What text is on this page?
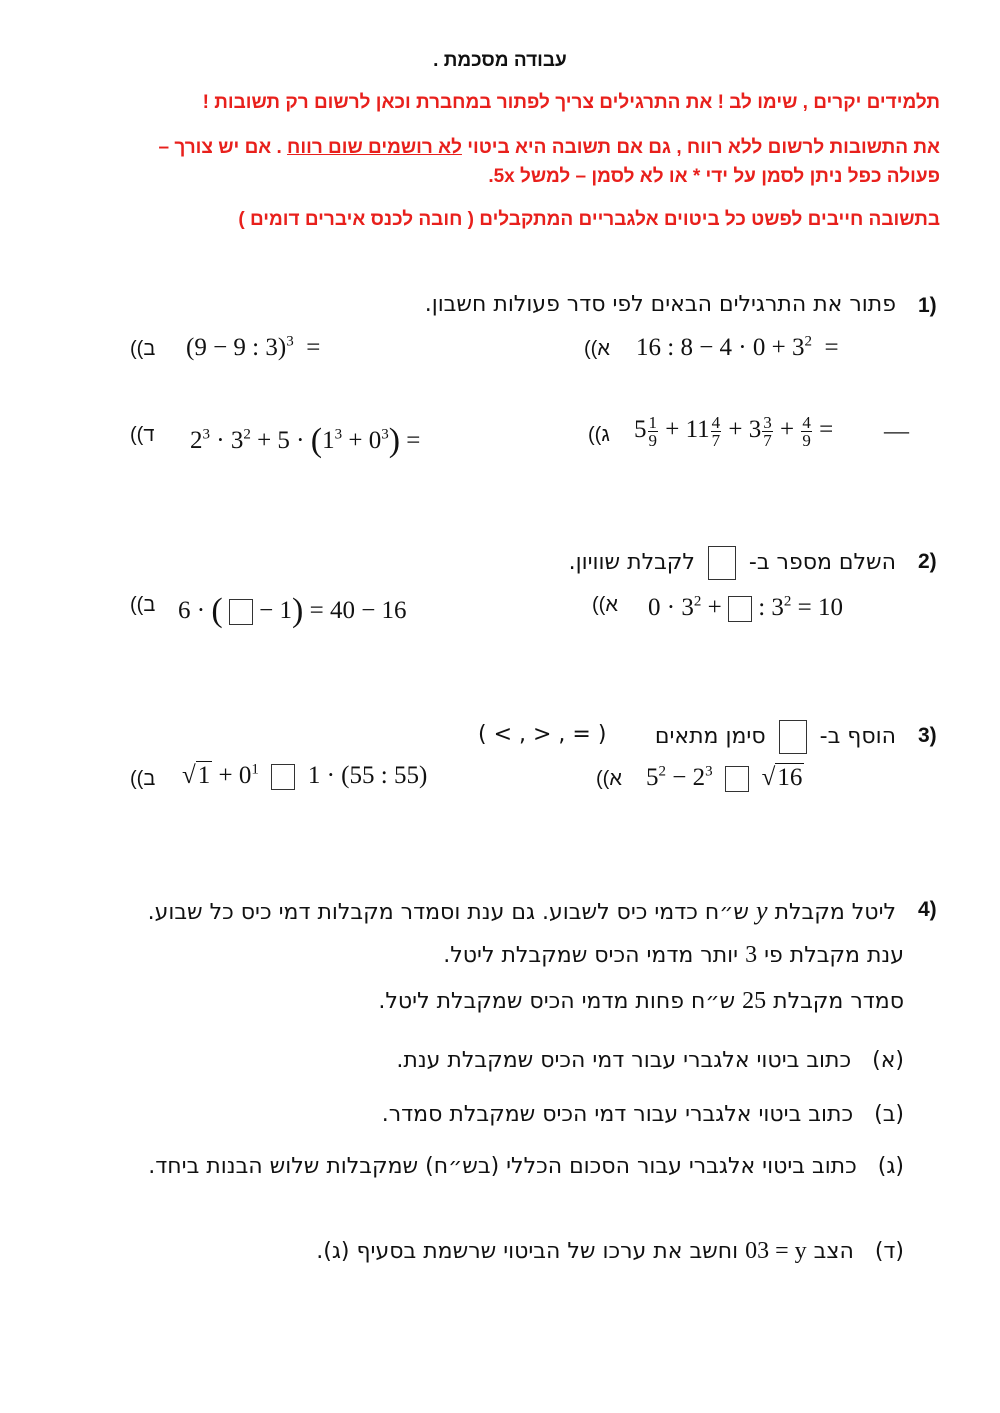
עבודה מסכמת .
תלמידים יקרים , שימו לב ! את התרגילים צריך לפתור במחברת וכאן לרשום רק תשובות !
את התשובות לרשום ללא רווח , גם אם תשובה היא ביטוי לא רושמים שום רווח . אם יש צורך –
פעולה כפל ניתן לסמן על ידי * או לא לסמן – למשל 5x.
בתשובה חייבים לפשט כל ביטוים אלגבריים המתקבלים ( חובה לכנס איברים דומים )
1)
פתור את התרגילים הבאים לפי סדר פעולות חשבון.
((א 16 : $8 - 4 \cdot 0 + 3^2$  =
((ב (9 − 9 : 3)$^3$  =
((ג $5 \frac{1}{9} + 11 \frac{4}{7} + 3 \frac{3}{7} + \frac{4}{9}$ = —
((ד $2^3 \cdot 3^2 + 5 \cdot (1^3 + 0^3)$ =
2)
השלם מספר ב-  לקבלת שוויון.
((א $0 \cdot 3^2$ +  : $3^2 = 10$
((ב 6 · (  − 1) = 40 − 16
3)
הוסף ב-  סימן מתאים
( = , < , > )
((א $5^2 - 2^3$ √16
((ב $√1 + 0^1$    1 · (55 : 55)
4)
ליטל מקבלת y ש״ח כדמי כיס לשבוע. גם ענת וסמדר מקבלות דמי כיס כל שבוע.
ענת מקבלת פי 3 יותר מדמי הכיס שמקבלת ליטל.
סמדר מקבלת 25 ש״ח פחות מדמי הכיס שמקבלת ליטל.
(א)   כתוב ביטוי אלגברי עבור דמי הכיס שמקבלת ענת.
(ב)   כתוב ביטוי אלגברי עבור דמי הכיס שמקבלת סמדר.
(ג)   כתוב ביטוי אלגברי עבור הסכום הכללי (בש״ח) שמקבלות שלוש הבנות ביחד.
(ד)   הצב y = 30 וחשב את ערכו של הביטוי שרשמת בסעיף (ג).
